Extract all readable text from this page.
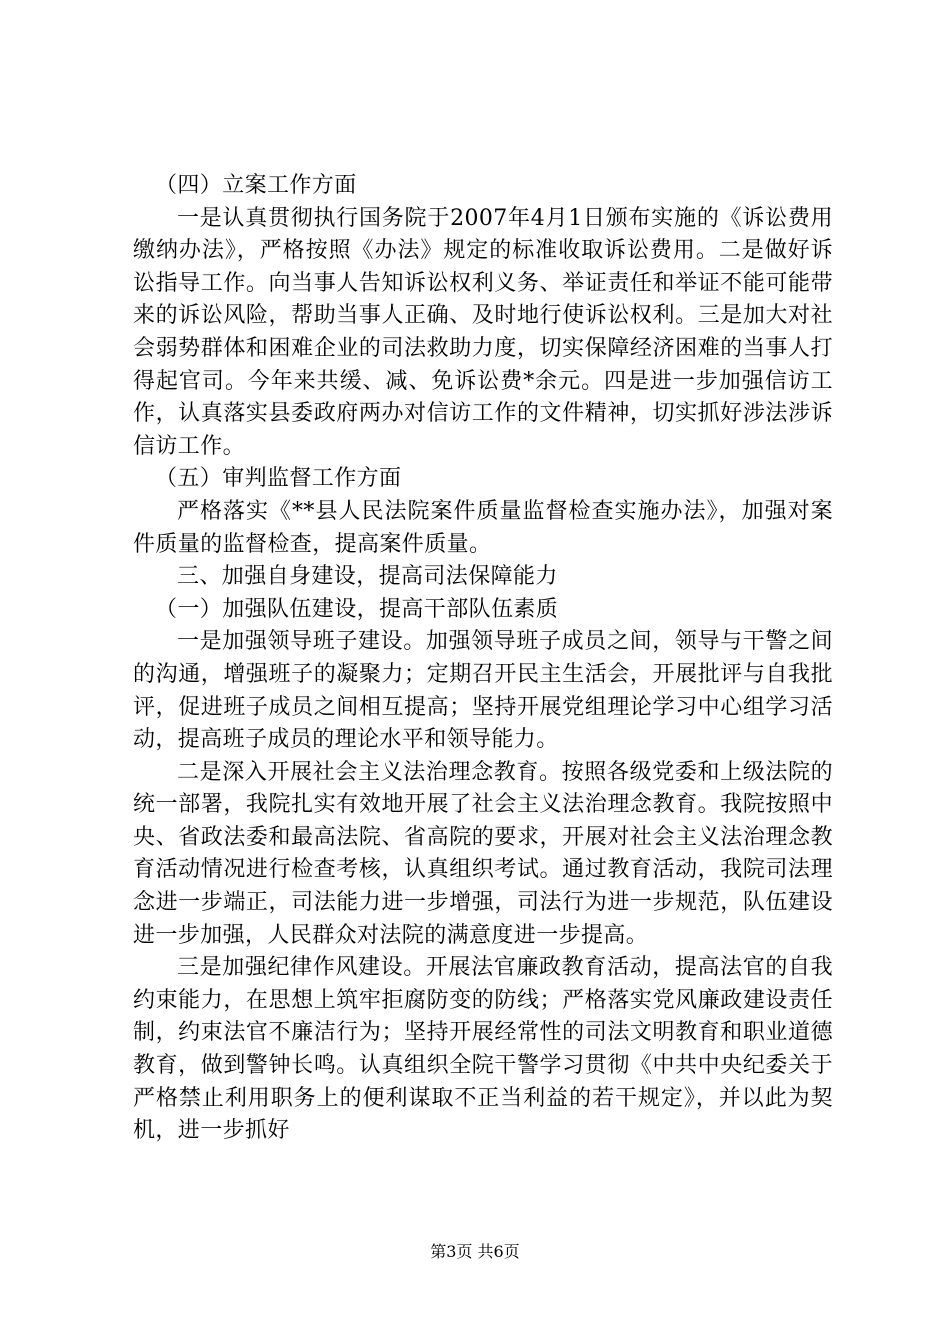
（四）立案工作方面

一是认真贯彻执行国务院于2007年4月1日颁布实施的《诉讼费用缴纳办法》，严格按照《办法》规定的标准收取诉讼费用。二是做好诉讼指导工作。向当事人告知诉讼权利义务、举证责任和举证不能可能带来的诉讼风险，帮助当事人正确、及时地行使诉讼权利。三是加大对社会弱势群体和困难企业的司法救助力度，切实保障经济困难的当事人打得起官司。今年来共缓、减、免诉讼费*余元。四是进一步加强信访工作，认真落实县委政府两办对信访工作的文件精神，切实抓好涉法涉诉信访工作。

（五）审判监督工作方面

严格落实《**县人民法院案件质量监督检查实施办法》，加强对案件质量的监督检查，提高案件质量。

三、加强自身建设，提高司法保障能力

（一）加强队伍建设，提高干部队伍素质

一是加强领导班子建设。加强领导班子成员之间，领导与干警之间的沟通，增强班子的凝聚力；定期召开民主生活会，开展批评与自我批评，促进班子成员之间相互提高；坚持开展党组理论学习中心组学习活动，提高班子成员的理论水平和领导能力。

二是深入开展社会主义法治理念教育。按照各级党委和上级法院的统一部署，我院扎实有效地开展了社会主义法治理念教育。我院按照中央、省政法委和最高法院、省高院的要求，开展对社会主义法治理念教育活动情况进行检查考核，认真组织考试。通过教育活动，我院司法理念进一步端正，司法能力进一步增强，司法行为进一步规范，队伍建设进一步加强，人民群众对法院的满意度进一步提高。

三是加强纪律作风建设。开展法官廉政教育活动，提高法官的自我约束能力，在思想上筑牢拒腐防变的防线；严格落实党风廉政建设责任制，约束法官不廉洁行为；坚持开展经常性的司法文明教育和职业道德教育，做到警钟长鸣。认真组织全院干警学习贯彻《中共中央纪委关于严格禁止利用职务上的便利谋取不正当利益的若干规定》，并以此为契机，进一步抓好

第3页 共6页
